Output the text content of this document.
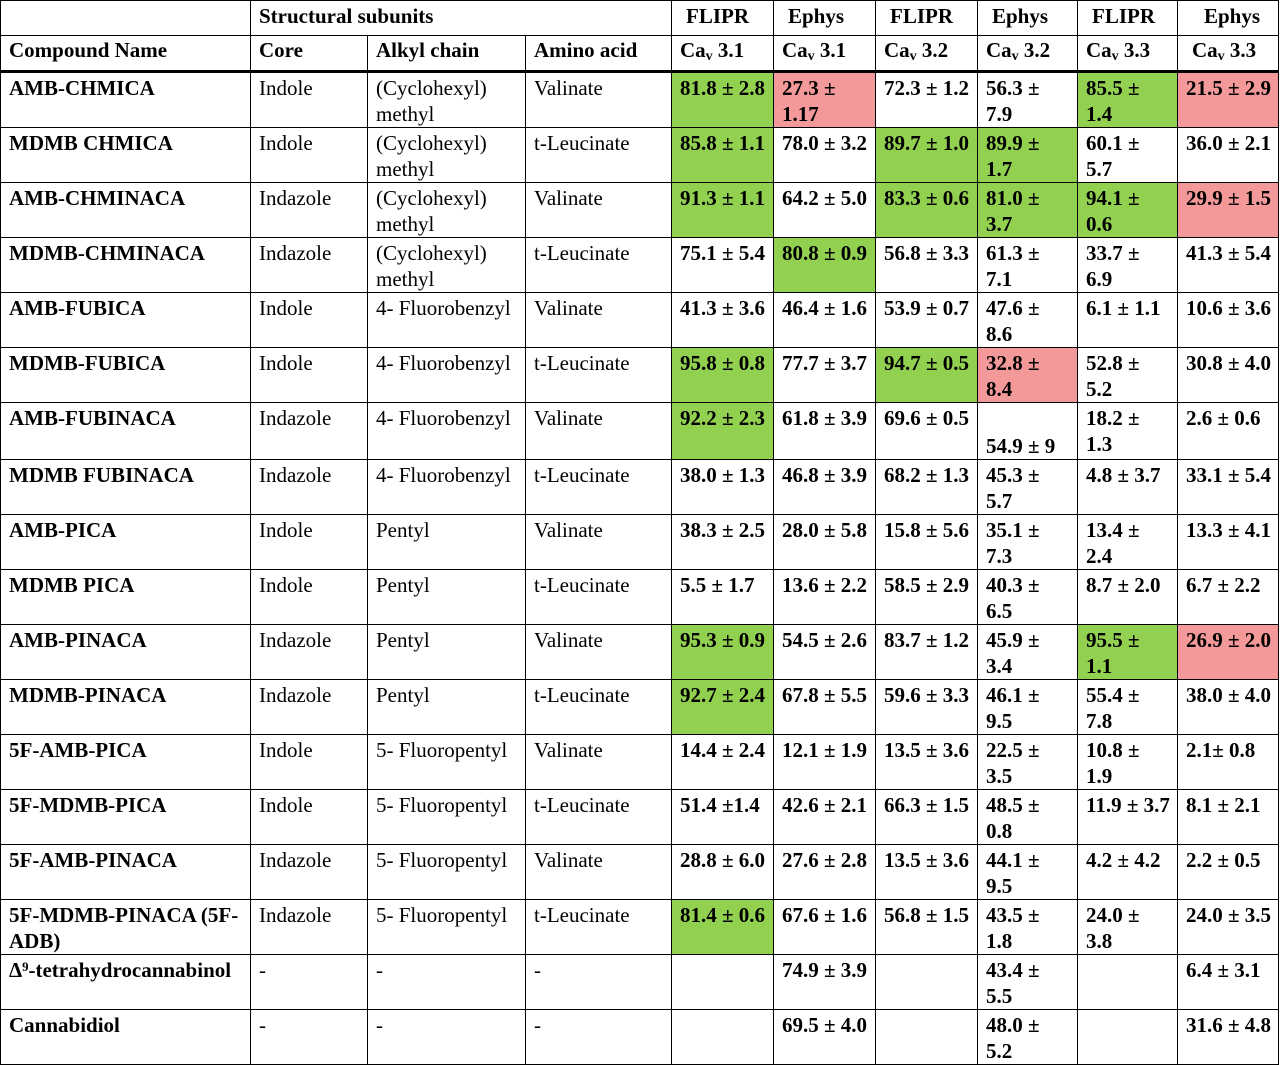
	Structural subunits			FLIPR	Ephys	FLIPR	Ephys	FLIPR	Ephys
Compound Name	Core	Alkyl chain	Amino acid	$Ca_v$ 3.1	$Ca_v$ 3.1	$Ca_v$ 3.2	$Ca_v$ 3.2	$Ca_v$ 3.3	$Ca_v$ 3.3
AMB-CHMICA	Indole	(Cyclohexyl) methyl	Valinate	81.8 ± 2.8	27.3 ± 1.17	72.3 ± 1.2	56.3 ± 7.9	85.5 ± 1.4	21.5 ± 2.9
MDMB CHMICA	Indole	(Cyclohexyl) methyl	t-Leucinate	85.8 ± 1.1	78.0 ± 3.2	89.7 ± 1.0	89.9 ± 1.7	60.1 ± 5.7	36.0 ± 2.1
AMB-CHMINACA	Indazole	(Cyclohexyl) methyl	Valinate	91.3 ± 1.1	64.2 ± 5.0	83.3 ± 0.6	81.0 ± 3.7	94.1 ± 0.6	29.9 ± 1.5
MDMB-CHMINACA	Indazole	(Cyclohexyl) methyl	t-Leucinate	75.1 ± 5.4	80.8 ± 0.9	56.8 ± 3.3	61.3 ± 7.1	33.7 ± 6.9	41.3 ± 5.4
AMB-FUBICA	Indole	4- Fluorobenzyl	Valinate	41.3 ± 3.6	46.4 ± 1.6	53.9 ± 0.7	47.6 ± 8.6	6.1 ± 1.1	10.6 ± 3.6
MDMB-FUBICA	Indole	4- Fluorobenzyl	t-Leucinate	95.8 ± 0.8	77.7 ± 3.7	94.7 ± 0.5	32.8 ± 8.4	52.8 ± 5.2	30.8 ± 4.0
AMB-FUBINACA	Indazole	4- Fluorobenzyl	Valinate	92.2 ± 2.3	61.8 ± 3.9	69.6 ± 0.5	54.9 ± 9	18.2 ± 1.3	2.6 ± 0.6
MDMB FUBINACA	Indazole	4- Fluorobenzyl	t-Leucinate	38.0 ± 1.3	46.8 ± 3.9	68.2 ± 1.3	45.3 ± 5.7	4.8 ± 3.7	33.1 ± 5.4
AMB-PICA	Indole	Pentyl	Valinate	38.3 ± 2.5	28.0 ± 5.8	15.8 ± 5.6	35.1 ± 7.3	13.4 ± 2.4	13.3 ± 4.1
MDMB PICA	Indole	Pentyl	t-Leucinate	5.5 ± 1.7	13.6 ± 2.2	58.5 ± 2.9	40.3 ± 6.5	8.7 ± 2.0	6.7 ± 2.2
AMB-PINACA	Indazole	Pentyl	Valinate	95.3 ± 0.9	54.5 ± 2.6	83.7 ± 1.2	45.9 ± 3.4	95.5 ± 1.1	26.9 ± 2.0
MDMB-PINACA	Indazole	Pentyl	t-Leucinate	92.7 ± 2.4	67.8 ± 5.5	59.6 ± 3.3	46.1 ± 9.5	55.4 ± 7.8	38.0 ± 4.0
5F-AMB-PICA	Indole	5- Fluoropentyl	Valinate	14.4 ± 2.4	12.1 ± 1.9	13.5 ± 3.6	22.5 ± 3.5	10.8 ± 1.9	2.1± 0.8
5F-MDMB-PICA	Indole	5- Fluoropentyl	t-Leucinate	51.4 ±1.4	42.6 ± 2.1	66.3 ± 1.5	48.5 ± 0.8	11.9 ± 3.7	8.1 ± 2.1
5F-AMB-PINACA	Indazole	5- Fluoropentyl	Valinate	28.8 ± 6.0	27.6 ± 2.8	13.5 ± 3.6	44.1 ± 9.5	4.2 ± 4.2	2.2 ± 0.5
5F-MDMB-PINACA (5F-ADB)	Indazole	5- Fluoropentyl	t-Leucinate	81.4 ± 0.6	67.6 ± 1.6	56.8 ± 1.5	43.5 ± 1.8	24.0 ± 3.8	24.0 ± 3.5
Δ⁹-tetrahydrocannabinol	-	-	-		74.9 ± 3.9		43.4 ± 5.5		6.4 ± 3.1
Cannabidiol	-	-	-		69.5 ± 4.0		48.0 ± 5.2		31.6 ± 4.8
